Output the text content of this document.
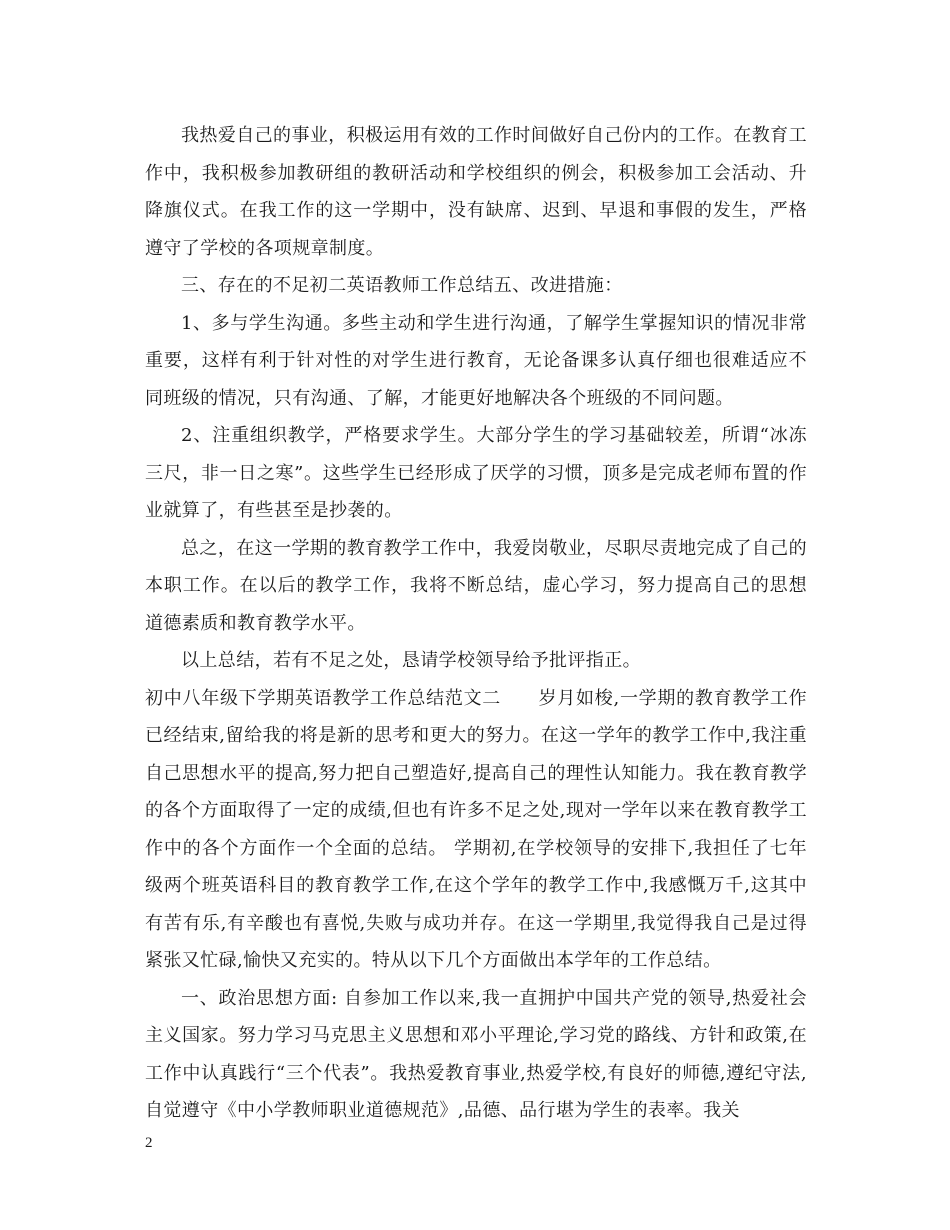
我热爱自己的事业，积极运用有效的工作时间做好自己份内的工作。在教育工作中，我积极参加教研组的教研活动和学校组织的例会，积极参加工会活动、升降旗仪式。在我工作的这一学期中，没有缺席、迟到、早退和事假的发生，严格遵守了学校的各项规章制度。

三、存在的不足初二英语教师工作总结五、改进措施：

1、多与学生沟通。多些主动和学生进行沟通，了解学生掌握知识的情况非常重要，这样有利于针对性的对学生进行教育，无论备课多认真仔细也很难适应不同班级的情况，只有沟通、了解，才能更好地解决各个班级的不同问题。

2、注重组织教学，严格要求学生。大部分学生的学习基础较差，所谓“冰冻三尺，非一日之寒”。这些学生已经形成了厌学的习惯，顶多是完成老师布置的作业就算了，有些甚至是抄袭的。

总之，在这一学期的教育教学工作中，我爱岗敬业，尽职尽责地完成了自己的本职工作。在以后的教学工作，我将不断总结，虚心学习，努力提高自己的思想道德素质和教育教学水平。

以上总结，若有不足之处，恳请学校领导给予批评指正。

初中八年级下学期英语教学工作总结范文二　　岁月如梭,一学期的教育教学工作已经结束,留给我的将是新的思考和更大的努力。在这一学年的教学工作中,我注重自己思想水平的提高,努力把自己塑造好,提高自己的理性认知能力。我在教育教学的各个方面取得了一定的成绩,但也有许多不足之处,现对一学年以来在教育教学工作中的各个方面作一个全面的总结。 学期初,在学校领导的安排下,我担任了七年级两个班英语科目的教育教学工作,在这个学年的教学工作中,我感慨万千,这其中有苦有乐,有辛酸也有喜悦,失败与成功并存。在这一学期里,我觉得我自己是过得紧张又忙碌,愉快又充实的。特从以下几个方面做出本学年的工作总结。

一、政治思想方面: 自参加工作以来,我一直拥护中国共产党的领导,热爱社会主义国家。努力学习马克思主义思想和邓小平理论,学习党的路线、方针和政策,在工作中认真践行“三个代表”。我热爱教育事业,热爱学校,有良好的师德,遵纪守法,自觉遵守《中小学教师职业道德规范》,品德、品行堪为学生的表率。我关

2
